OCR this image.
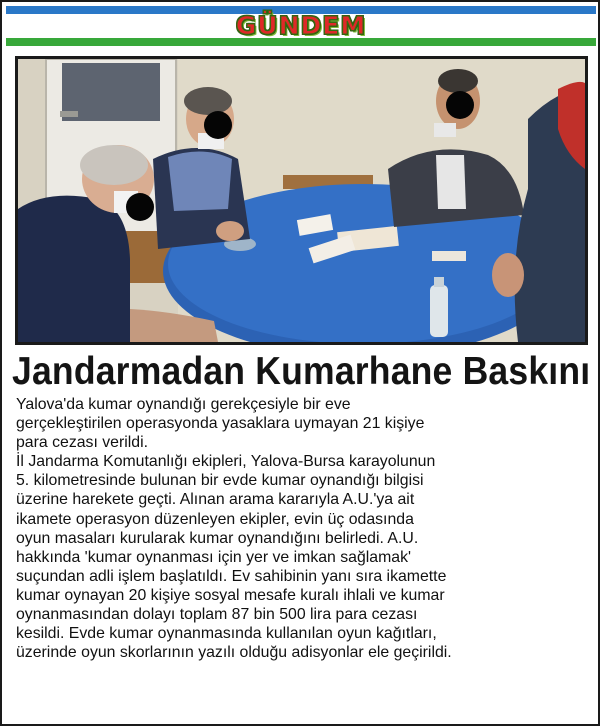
GÜNDEM
Jandarmadan Kumarhane Baskını

Yalova'da kumar oynandığı gerekçesiyle bir eve

gerçekleştirilen operasyonda yasaklara uymayan 21 kişiye

para cezası verildi.

İl Jandarma Komutanlığı ekipleri, Yalova-Bursa karayolunun

5. kilometresinde bulunan bir evde kumar oynandığı bilgisi

üzerine harekete geçti. Alınan arama kararıyla A.U.'ya ait

ikamete operasyon düzenleyen ekipler, evin üç odasında

oyun masaları kurularak kumar oynandığını belirledi. A.U.

hakkında 'kumar oynanması için yer ve imkan sağlamak'

suçundan adli işlem başlatıldı. Ev sahibinin yanı sıra ikamette

kumar oynayan 20 kişiye sosyal mesafe kuralı ihlali ve kumar

oynanmasından dolayı toplam 87 bin 500 lira para cezası

kesildi. Evde kumar oynanmasında kullanılan oyun kağıtları,

üzerinde oyun skorlarının yazılı olduğu adisyonlar ele geçirildi.
